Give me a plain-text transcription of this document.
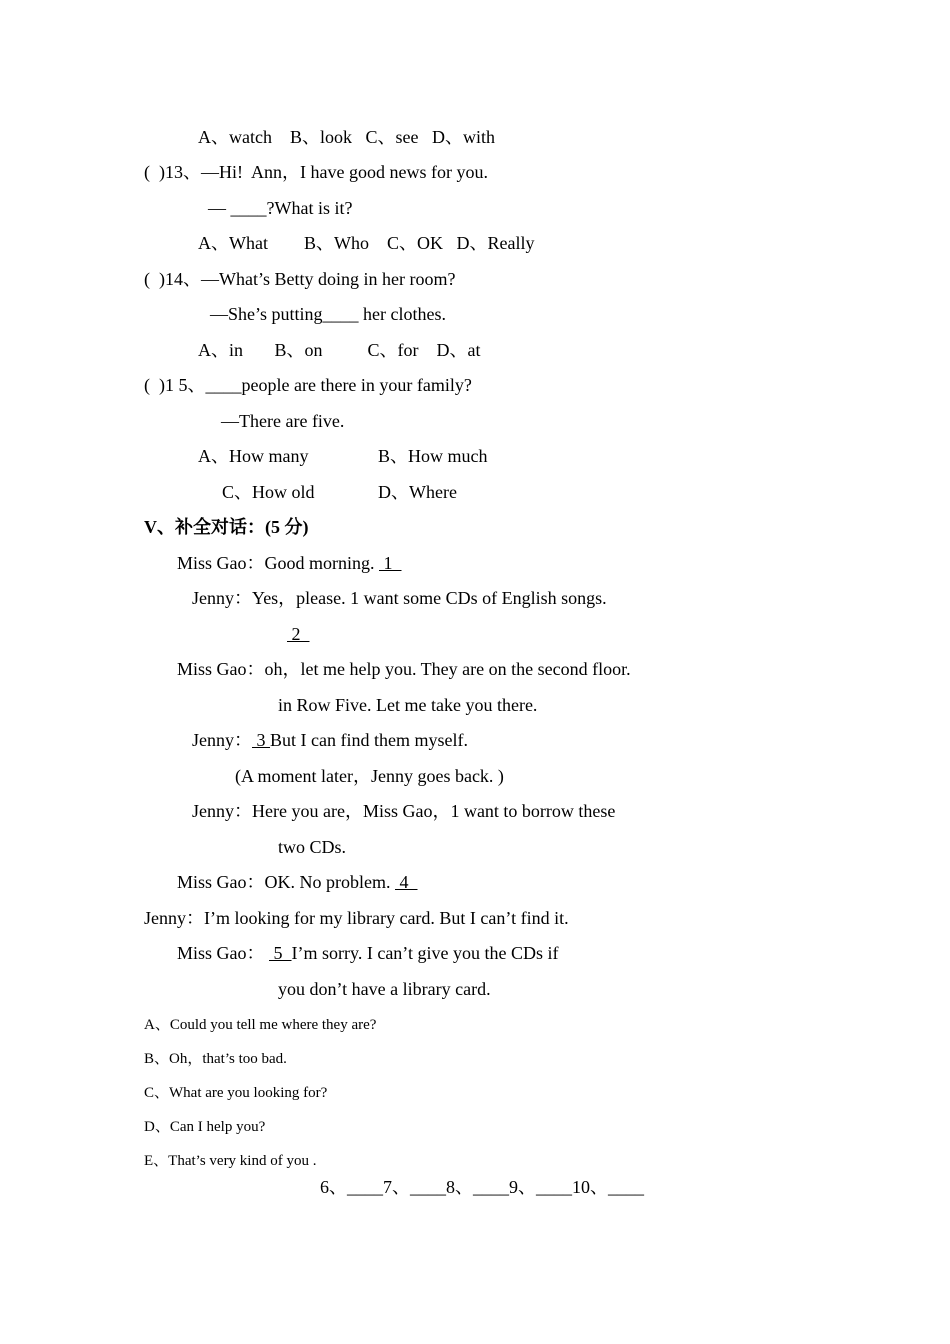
A、watch    B、look   C、see   D、with
(  )13、—Hi!  Ann，I have good news for you.
— ____?What is it?
A、What        B、Who    C、OK   D、Really
(  )14、—What’s Betty doing in her room?
—She’s putting____ her clothes.
A、in       B、on          C、for    D、at
(  )1 5、____people are there in your family?
—There are five.
A、How many	B、How much
C、How old	D、Where
V、补全对话：(5 分)
Miss Gao：Good morning.  1
Jenny：Yes，please. 1 want some CDs of English songs.
2
Miss Gao：oh，let me help you. They are on the second floor.
in Row Five. Let me take you there.
Jenny： 3 But I can find them myself.
(A moment later，Jenny goes back. )
Jenny：Here you are，Miss Gao，1 want to borrow these
two CDs.
Miss Gao：OK. No problem.  4
Jenny：I’m looking for my library card. But I can’t find it.
Miss Gao：  5  I’m sorry. I can’t give you the CDs if
you don’t have a library card.
A、Could you tell me where they are?
B、Oh，that’s too bad.
C、What are you looking for?
D、Can I help you?
E、That’s very kind of you .
6、____7、____8、____9、____10、____
